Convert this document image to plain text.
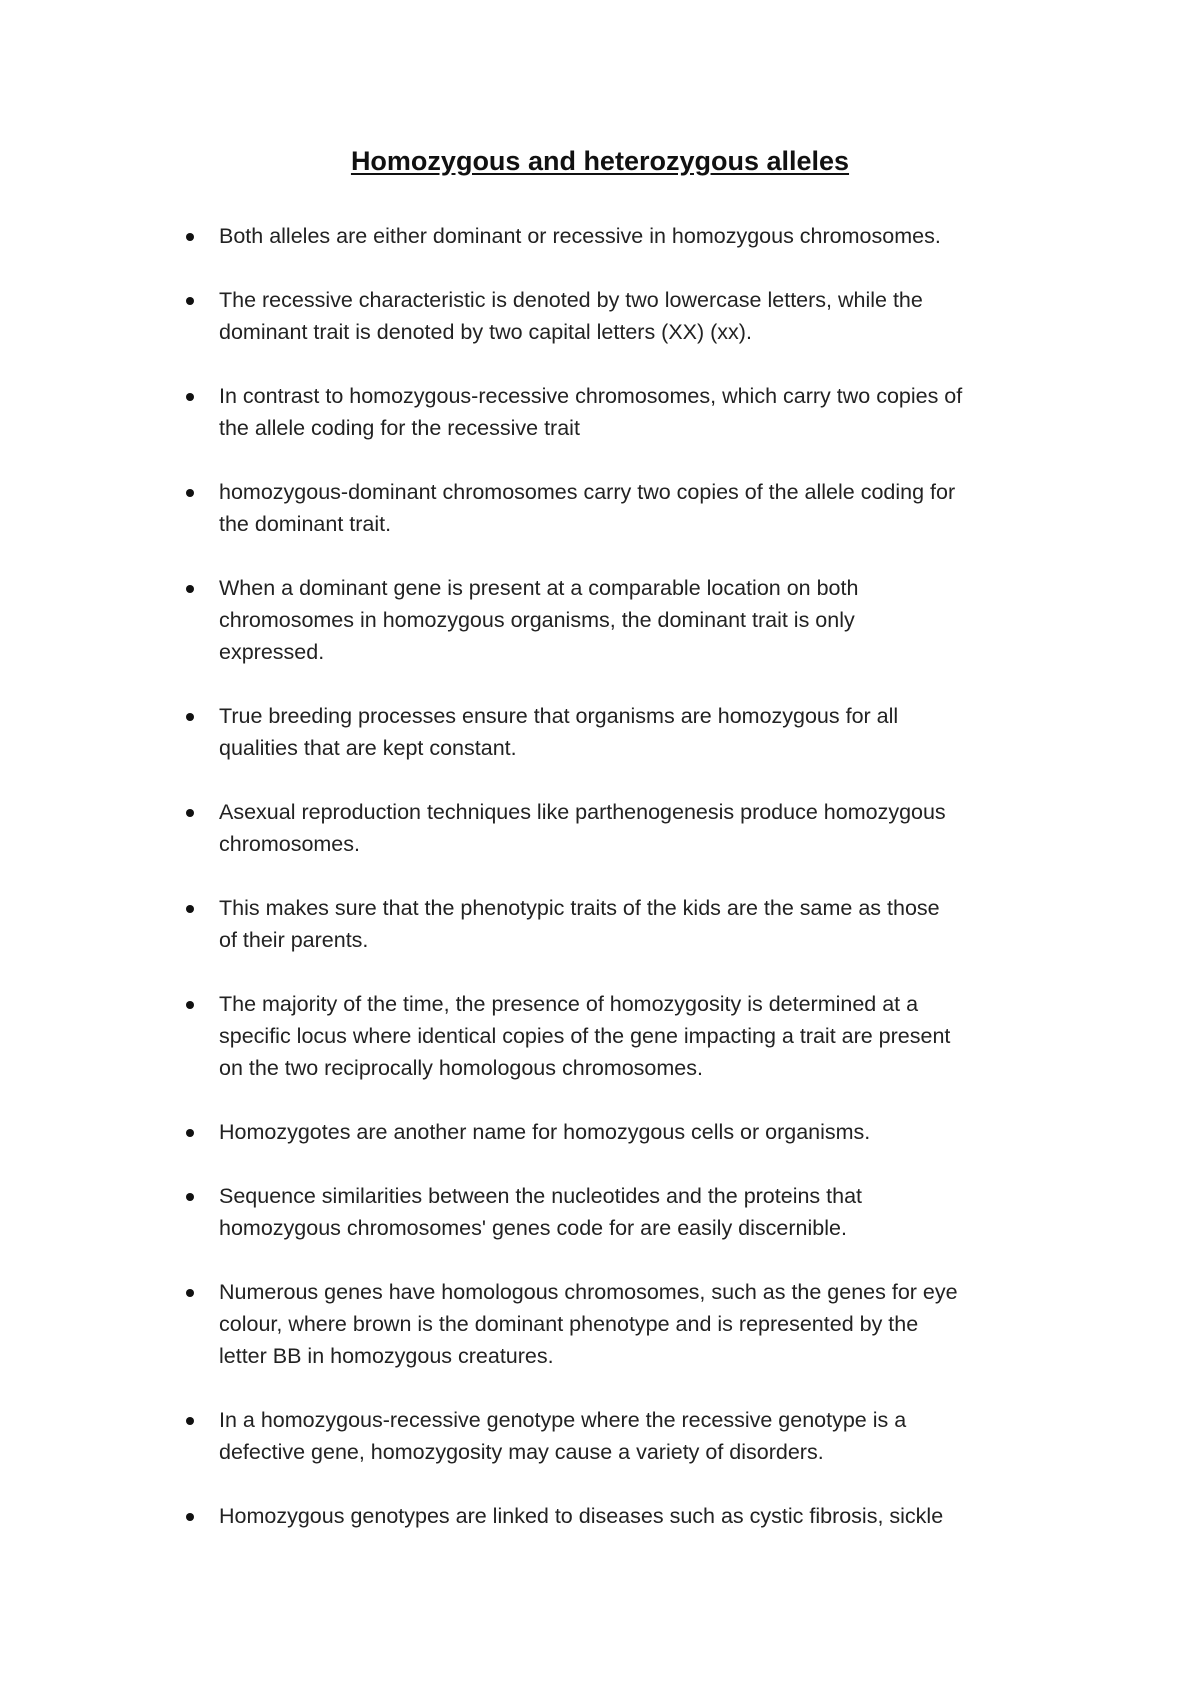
Homozygous and heterozygous alleles
Both alleles are either dominant or recessive in homozygous chromosomes.
The recessive characteristic is denoted by two lowercase letters, while the
dominant trait is denoted by two capital letters (XX) (xx).
In contrast to homozygous-recessive chromosomes, which carry two copies of
the allele coding for the recessive trait
homozygous-dominant chromosomes carry two copies of the allele coding for
the dominant trait.
When a dominant gene is present at a comparable location on both
chromosomes in homozygous organisms, the dominant trait is only
expressed.
True breeding processes ensure that organisms are homozygous for all
qualities that are kept constant.
Asexual reproduction techniques like parthenogenesis produce homozygous
chromosomes.
This makes sure that the phenotypic traits of the kids are the same as those
of their parents.
The majority of the time, the presence of homozygosity is determined at a
specific locus where identical copies of the gene impacting a trait are present
on the two reciprocally homologous chromosomes.
Homozygotes are another name for homozygous cells or organisms.
Sequence similarities between the nucleotides and the proteins that
homozygous chromosomes' genes code for are easily discernible.
Numerous genes have homologous chromosomes, such as the genes for eye
colour, where brown is the dominant phenotype and is represented by the
letter BB in homozygous creatures.
In a homozygous-recessive genotype where the recessive genotype is a
defective gene, homozygosity may cause a variety of disorders.
Homozygous genotypes are linked to diseases such as cystic fibrosis, sickle
